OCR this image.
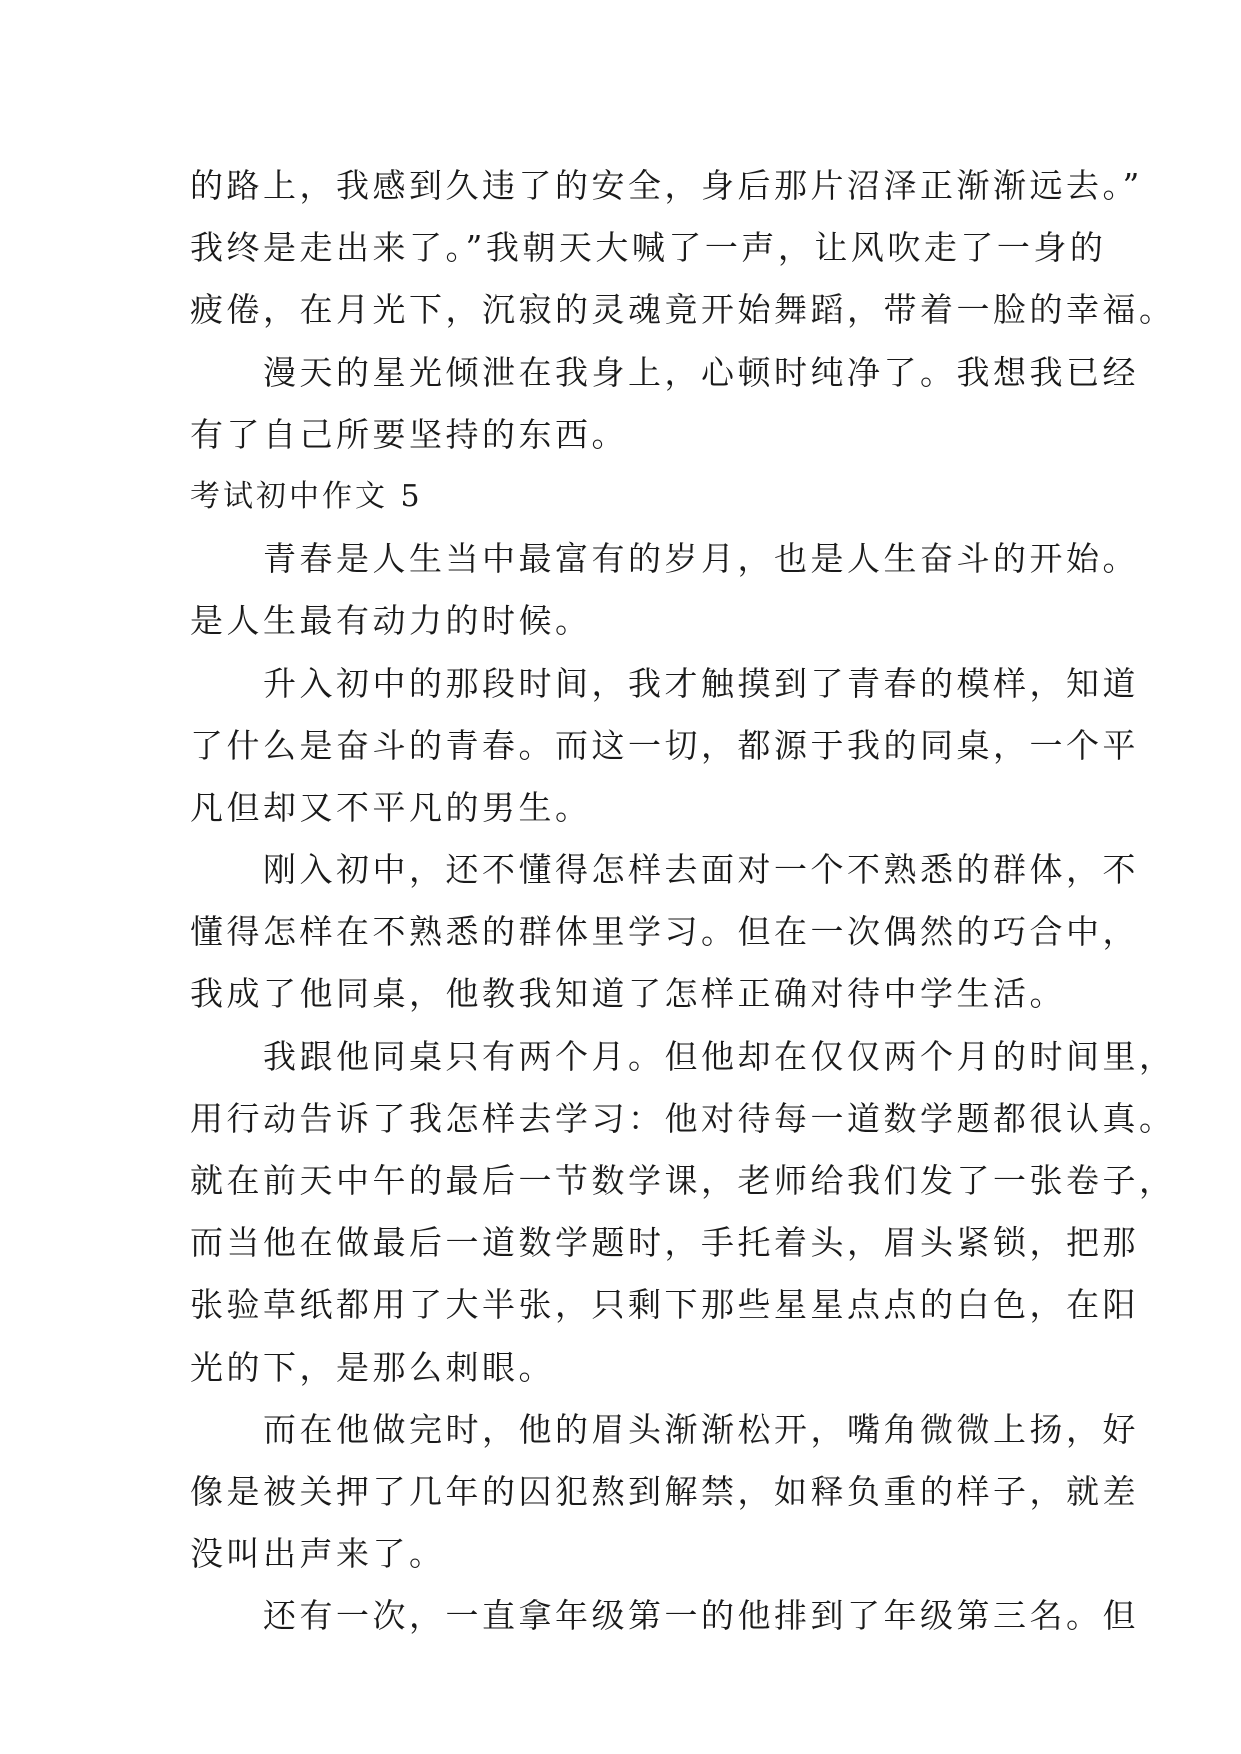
的路上，我感到久违了的安全，身后那片沼泽正渐渐远去。”
我终是走出来了。”我朝天大喊了一声，让风吹走了一身的
疲倦，在月光下，沉寂的灵魂竟开始舞蹈，带着一脸的幸福。
　　漫天的星光倾泄在我身上，心顿时纯净了。我想我已经
有了自己所要坚持的东西。
考试初中作文 5
　　青春是人生当中最富有的岁月，也是人生奋斗的开始。
是人生最有动力的时候。
　　升入初中的那段时间，我才触摸到了青春的模样，知道
了什么是奋斗的青春。而这一切，都源于我的同桌，一个平
凡但却又不平凡的男生。
　　刚入初中，还不懂得怎样去面对一个不熟悉的群体，不
懂得怎样在不熟悉的群体里学习。但在一次偶然的巧合中，
我成了他同桌，他教我知道了怎样正确对待中学生活。
　　我跟他同桌只有两个月。但他却在仅仅两个月的时间里，
用行动告诉了我怎样去学习：他对待每一道数学题都很认真。
就在前天中午的最后一节数学课，老师给我们发了一张卷子，
而当他在做最后一道数学题时，手托着头，眉头紧锁，把那
张验草纸都用了大半张，只剩下那些星星点点的白色，在阳
光的下，是那么刺眼。
　　而在他做完时，他的眉头渐渐松开，嘴角微微上扬，好
像是被关押了几年的囚犯熬到解禁，如释负重的样子，就差
没叫出声来了。
　　还有一次，一直拿年级第一的他排到了年级第三名。但
